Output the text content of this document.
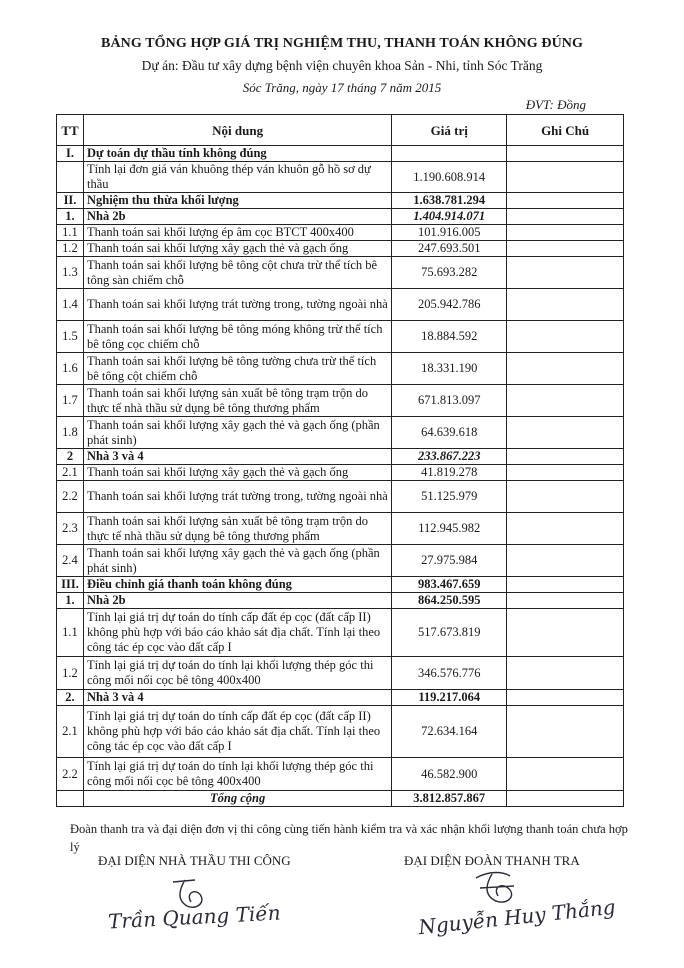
BẢNG TỔNG HỢP GIÁ TRỊ NGHIỆM THU, THANH TOÁN KHÔNG ĐÚNG
Dự án: Đầu tư xây dựng bệnh viện chuyên khoa Sản - Nhi, tỉnh Sóc Trăng
Sóc Trăng, ngày 17 tháng 7 năm 2015
ĐVT: Đồng
TT	Nội dung	Giá trị	Ghi Chú
I.	Dự toán dự thầu tính không đúng		
	Tính lại đơn giá ván khuông thép ván khuôn gỗ hồ sơ dự thầu	1.190.608.914	
II.	Nghiệm thu thừa khối lượng	1.638.781.294	
1.	Nhà 2b	1.404.914.071	
1.1	Thanh toán sai khối lượng ép âm cọc BTCT 400x400	101.916.005	
1.2	Thanh toán sai khối lượng xây gạch thẻ và gạch ống	247.693.501	
1.3	Thanh toán sai khối lượng bê tông cột chưa trừ thể tích bê tông sàn chiếm chỗ	75.693.282	
1.4	Thanh toán sai khối lượng trát tường trong, tường ngoài nhà	205.942.786	
1.5	Thanh toán sai khối lượng bê tông móng không trừ thể tích bê tông cọc chiếm chỗ	18.884.592	
1.6	Thanh toán sai khối lượng bê tông tường chưa trừ thể tích bê tông cột chiếm chỗ	18.331.190	
1.7	Thanh toán sai khối lượng sản xuất bê tông trạm trộn do thực tế nhà thầu sử dụng bê tông thương phẩm	671.813.097	
1.8	Thanh toán sai khối lượng xây gạch thẻ và gạch ống (phần phát sinh)	64.639.618	
2	Nhà 3 và 4	233.867.223	
2.1	Thanh toán sai khối lượng xây gạch thẻ và gạch ống	41.819.278	
2.2	Thanh toán sai khối lượng trát tường trong, tường ngoài nhà	51.125.979	
2.3	Thanh toán sai khối lượng sản xuất bê tông trạm trộn do thực tế nhà thầu sử dụng bê tông thương phẩm	112.945.982	
2.4	Thanh toán sai khối lượng xây gạch thẻ và gạch ống (phần phát sinh)	27.975.984	
III.	Điều chỉnh giá thanh toán không đúng	983.467.659	
1.	Nhà 2b	864.250.595	
1.1	Tính lại giá trị dự toán do tính cấp đất ép cọc (đất cấp II) không phù hợp với báo cáo khảo sát địa chất. Tính lại theo công tác ép cọc vào đất cấp I	517.673.819	
1.2	Tính lại giá trị dự toán do tính lại khối lượng thép góc thi công mối nối cọc bê tông 400x400	346.576.776	
2.	Nhà 3 và 4	119.217.064	
2.1	Tính lại giá trị dự toán do tính cấp đất ép cọc (đất cấp II) không phù hợp với báo cáo khảo sát địa chất. Tính lại theo công tác ép cọc vào đất cấp I	72.634.164	
2.2	Tính lại giá trị dự toán do tính lại khối lượng thép góc thi công mối nối cọc bê tông 400x400	46.582.900	
	Tổng cộng	3.812.857.867	
Đoàn thanh tra và đại diện đơn vị thi công cùng tiến hành kiểm tra và xác nhận khối lượng thanh toán chưa hợp lý
ĐẠI DIỆN NHÀ THẦU THI CÔNG	ĐẠI DIỆN ĐOÀN THANH TRA
Trần Quang Tiến	Nguyễn Huy Thắng
